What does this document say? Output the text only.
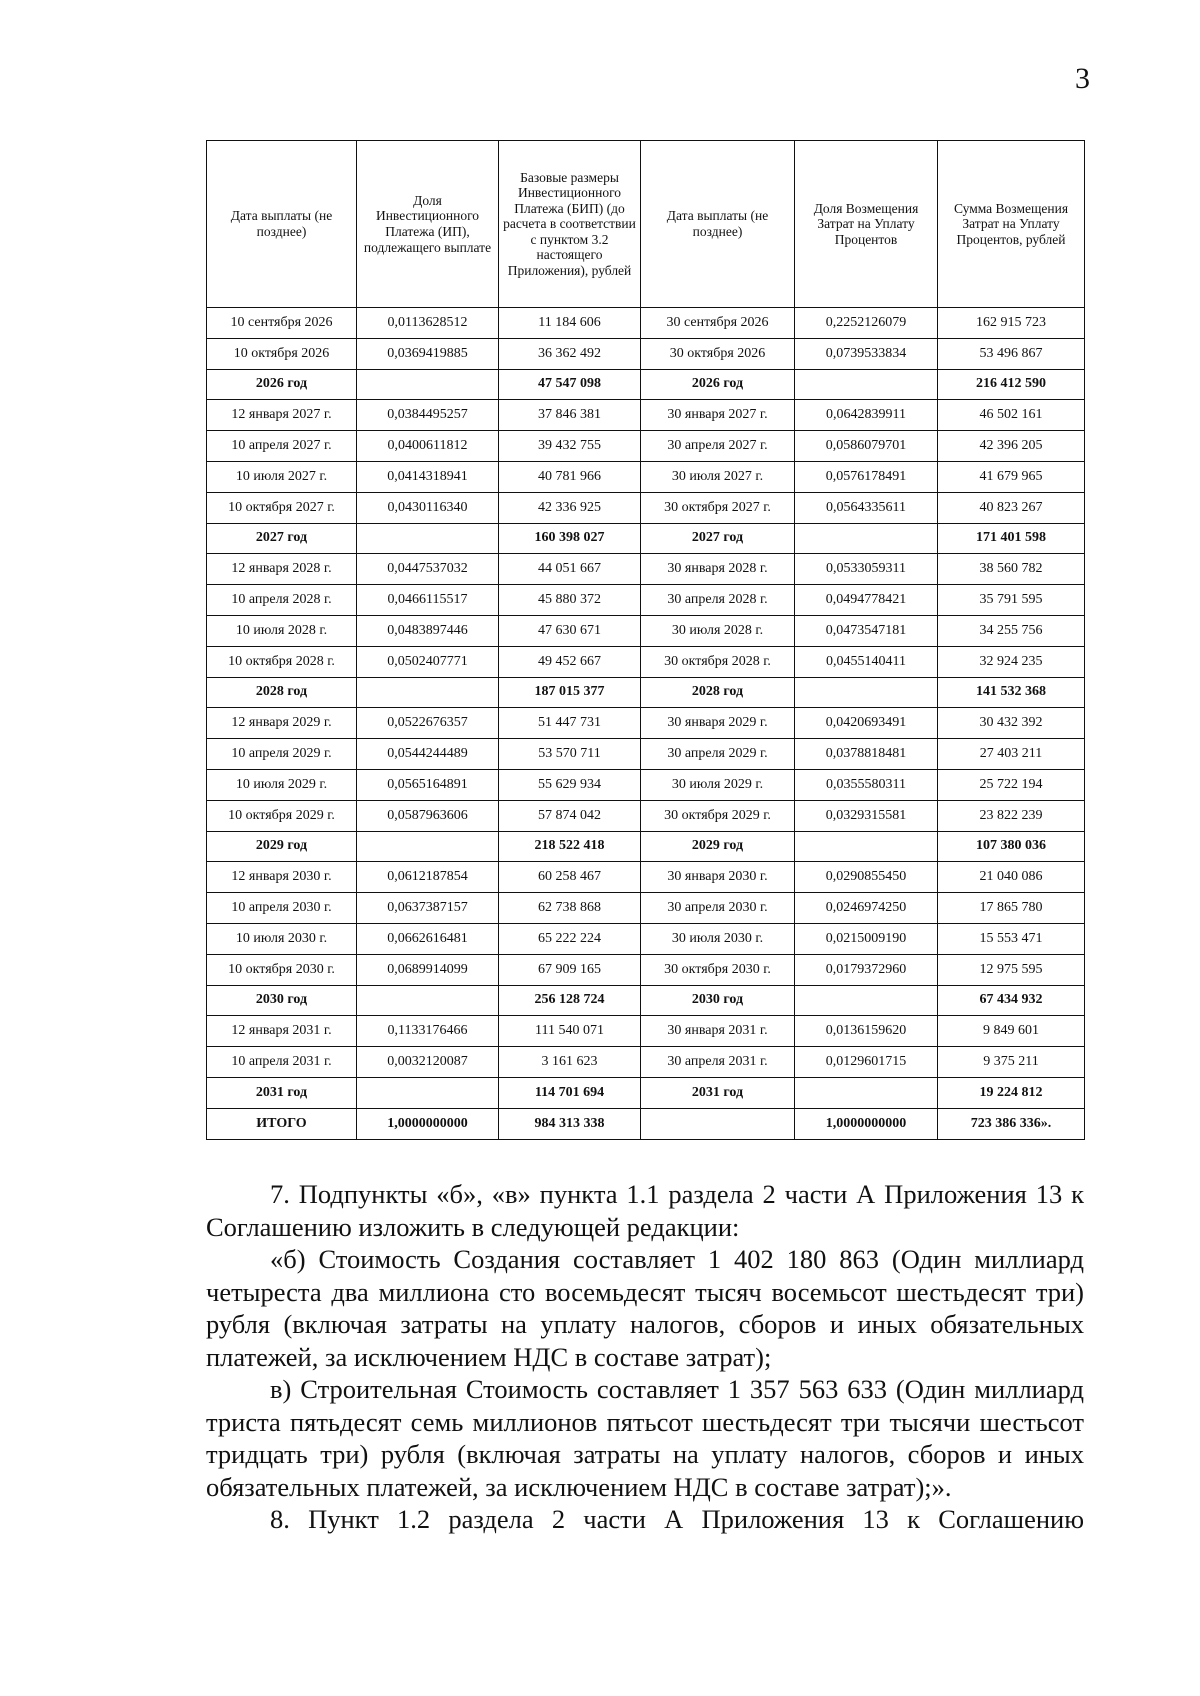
3
Дата выплаты (не позднее)	Доля Инвестиционного Платежа (ИП), подлежащего выплате	Базовые размеры Инвестиционного Платежа (БИП) (до расчета в соответствии с пунктом 3.2 настоящего Приложения), рублей	Дата выплаты (не позднее)	Доля Возмещения Затрат на Уплату Процентов	Сумма Возмещения Затрат на Уплату Процентов, рублей
10 сентября 2026	0,0113628512	11 184 606	30 сентября 2026	0,2252126079	162 915 723
10 октября 2026	0,0369419885	36 362 492	30 октября 2026	0,0739533834	53 496 867
2026 год		47 547 098	2026 год		216 412 590
12 января 2027 г.	0,0384495257	37 846 381	30 января 2027 г.	0,0642839911	46 502 161
10 апреля 2027 г.	0,0400611812	39 432 755	30 апреля 2027 г.	0,0586079701	42 396 205
10 июля 2027 г.	0,0414318941	40 781 966	30 июля 2027 г.	0,0576178491	41 679 965
10 октября 2027 г.	0,0430116340	42 336 925	30 октября 2027 г.	0,0564335611	40 823 267
2027 год		160 398 027	2027 год		171 401 598
12 января 2028 г.	0,0447537032	44 051 667	30 января 2028 г.	0,0533059311	38 560 782
10 апреля 2028 г.	0,0466115517	45 880 372	30 апреля 2028 г.	0,0494778421	35 791 595
10 июля 2028 г.	0,0483897446	47 630 671	30 июля 2028 г.	0,0473547181	34 255 756
10 октября 2028 г.	0,0502407771	49 452 667	30 октября 2028 г.	0,0455140411	32 924 235
2028 год		187 015 377	2028 год		141 532 368
12 января 2029 г.	0,0522676357	51 447 731	30 января 2029 г.	0,0420693491	30 432 392
10 апреля 2029 г.	0,0544244489	53 570 711	30 апреля 2029 г.	0,0378818481	27 403 211
10 июля 2029 г.	0,0565164891	55 629 934	30 июля 2029 г.	0,0355580311	25 722 194
10 октября 2029 г.	0,0587963606	57 874 042	30 октября 2029 г.	0,0329315581	23 822 239
2029 год		218 522 418	2029 год		107 380 036
12 января 2030 г.	0,0612187854	60 258 467	30 января 2030 г.	0,0290855450	21 040 086
10 апреля 2030 г.	0,0637387157	62 738 868	30 апреля 2030 г.	0,0246974250	17 865 780
10 июля 2030 г.	0,0662616481	65 222 224	30 июля 2030 г.	0,0215009190	15 553 471
10 октября 2030 г.	0,0689914099	67 909 165	30 октября 2030 г.	0,0179372960	12 975 595
2030 год		256 128 724	2030 год		67 434 932
12 января 2031 г.	0,1133176466	111 540 071	30 января 2031 г.	0,0136159620	9 849 601
10 апреля 2031 г.	0,0032120087	3 161 623	30 апреля 2031 г.	0,0129601715	9 375 211
2031 год		114 701 694	2031 год		19 224 812
ИТОГО	1,0000000000	984 313 338		1,0000000000	723 386 336».

7. Подпункты «б», «в» пункта 1.1 раздела 2 части А Приложения 13 к Соглашению изложить в следующей редакции:

«б) Стоимость Создания составляет 1 402 180 863 (Один миллиард четыреста два миллиона сто восемьдесят тысяч восемьсот шестьдесят три) рубля (включая затраты на уплату налогов, сборов и иных обязательных платежей, за исключением НДС в составе затрат);

в) Строительная Стоимость составляет 1 357 563 633 (Один миллиард триста пятьдесят семь миллионов пятьсот шестьдесят три тысячи шестьсот тридцать три) рубля (включая затраты на уплату налогов, сборов и иных обязательных платежей, за исключением НДС в составе затрат);».

8. Пункт 1.2 раздела 2 части А Приложения 13 к Соглашению
